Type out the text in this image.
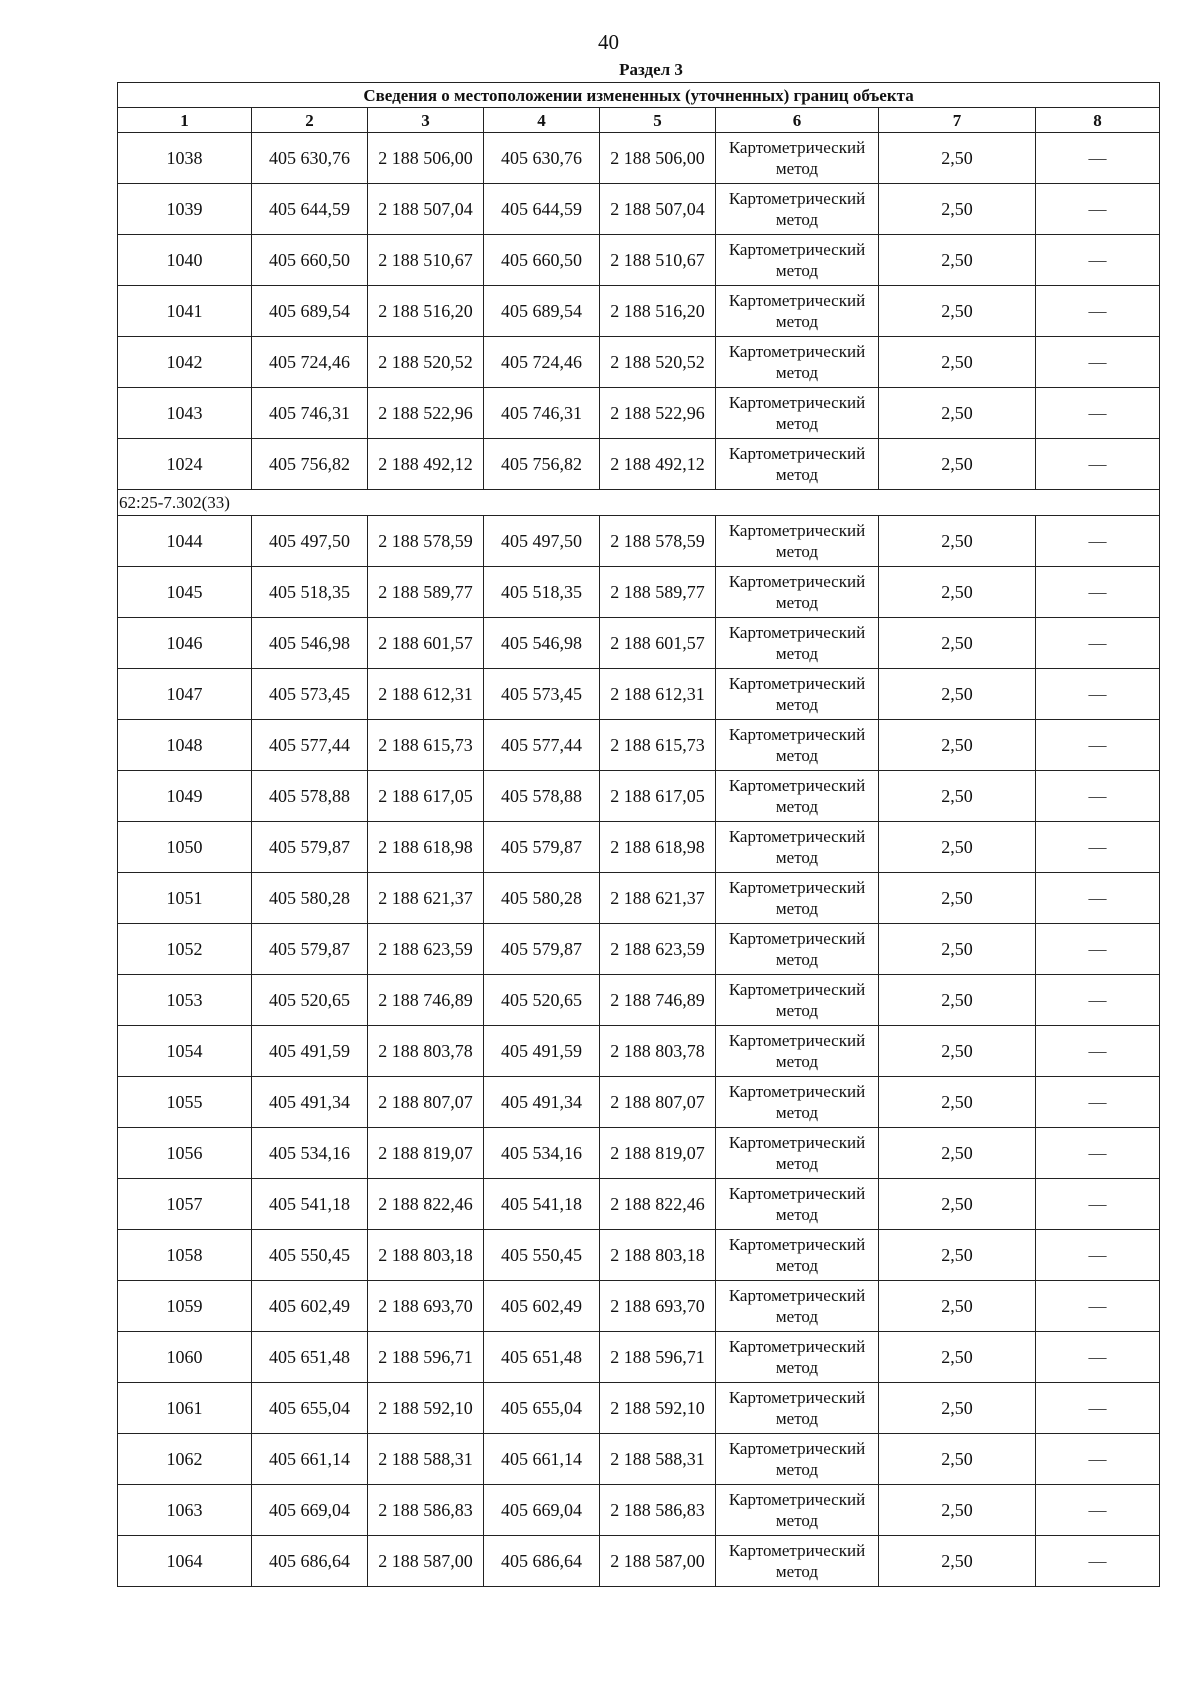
40
Раздел 3
Сведения о местоположении измененных (уточненных) границ объекта							
1	2	3	4	5	6	7	8
1038	405 630,76	2 188 506,00	405 630,76	2 188 506,00	Картометрический метод	2,50	—
1039	405 644,59	2 188 507,04	405 644,59	2 188 507,04	Картометрический метод	2,50	—
1040	405 660,50	2 188 510,67	405 660,50	2 188 510,67	Картометрический метод	2,50	—
1041	405 689,54	2 188 516,20	405 689,54	2 188 516,20	Картометрический метод	2,50	—
1042	405 724,46	2 188 520,52	405 724,46	2 188 520,52	Картометрический метод	2,50	—
1043	405 746,31	2 188 522,96	405 746,31	2 188 522,96	Картометрический метод	2,50	—
1024	405 756,82	2 188 492,12	405 756,82	2 188 492,12	Картометрический метод	2,50	—
62:25-7.302(33)							
1044	405 497,50	2 188 578,59	405 497,50	2 188 578,59	Картометрический метод	2,50	—
1045	405 518,35	2 188 589,77	405 518,35	2 188 589,77	Картометрический метод	2,50	—
1046	405 546,98	2 188 601,57	405 546,98	2 188 601,57	Картометрический метод	2,50	—
1047	405 573,45	2 188 612,31	405 573,45	2 188 612,31	Картометрический метод	2,50	—
1048	405 577,44	2 188 615,73	405 577,44	2 188 615,73	Картометрический метод	2,50	—
1049	405 578,88	2 188 617,05	405 578,88	2 188 617,05	Картометрический метод	2,50	—
1050	405 579,87	2 188 618,98	405 579,87	2 188 618,98	Картометрический метод	2,50	—
1051	405 580,28	2 188 621,37	405 580,28	2 188 621,37	Картометрический метод	2,50	—
1052	405 579,87	2 188 623,59	405 579,87	2 188 623,59	Картометрический метод	2,50	—
1053	405 520,65	2 188 746,89	405 520,65	2 188 746,89	Картометрический метод	2,50	—
1054	405 491,59	2 188 803,78	405 491,59	2 188 803,78	Картометрический метод	2,50	—
1055	405 491,34	2 188 807,07	405 491,34	2 188 807,07	Картометрический метод	2,50	—
1056	405 534,16	2 188 819,07	405 534,16	2 188 819,07	Картометрический метод	2,50	—
1057	405 541,18	2 188 822,46	405 541,18	2 188 822,46	Картометрический метод	2,50	—
1058	405 550,45	2 188 803,18	405 550,45	2 188 803,18	Картометрический метод	2,50	—
1059	405 602,49	2 188 693,70	405 602,49	2 188 693,70	Картометрический метод	2,50	—
1060	405 651,48	2 188 596,71	405 651,48	2 188 596,71	Картометрический метод	2,50	—
1061	405 655,04	2 188 592,10	405 655,04	2 188 592,10	Картометрический метод	2,50	—
1062	405 661,14	2 188 588,31	405 661,14	2 188 588,31	Картометрический метод	2,50	—
1063	405 669,04	2 188 586,83	405 669,04	2 188 586,83	Картометрический метод	2,50	—
1064	405 686,64	2 188 587,00	405 686,64	2 188 587,00	Картометрический метод	2,50	—
